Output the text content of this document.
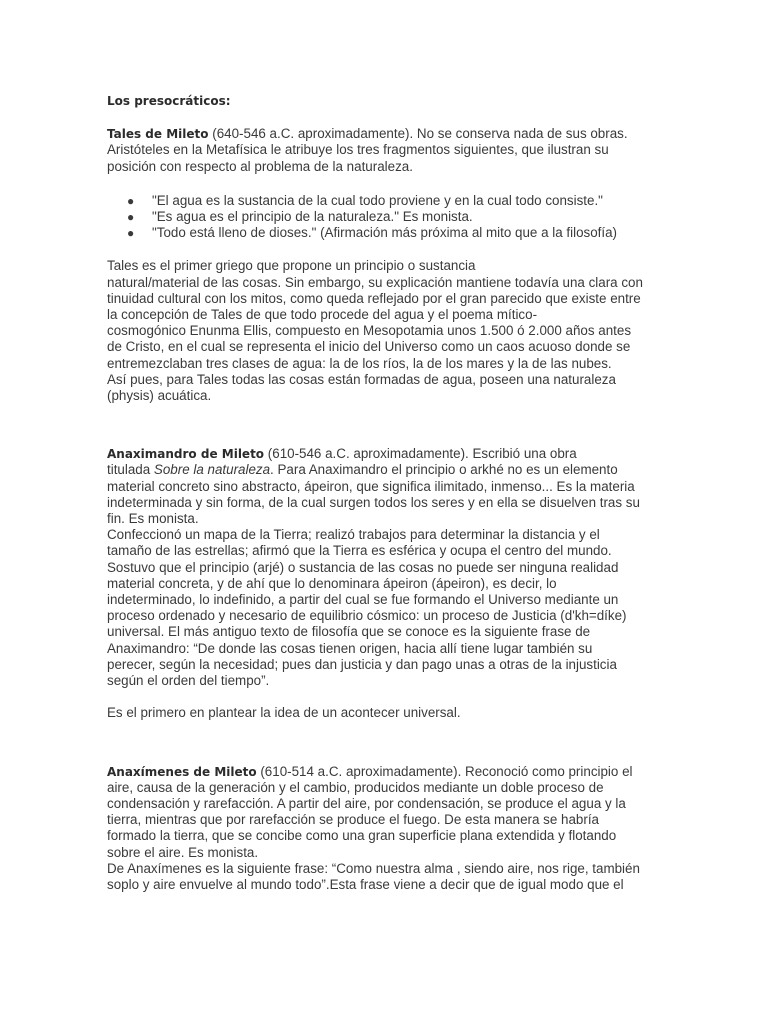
Los presocráticos:

Tales de Mileto (640-546 a.C. aproximadamente). No se conserva nada de sus obras.
Aristóteles en la Metafísica le atribuye los tres fragmentos siguientes, que ilustran su
posición con respecto al problema de la naturaleza.

● "El agua es la sustancia de la cual todo proviene y en la cual todo consiste."
● "Es agua es el principio de la naturaleza." Es monista.
● "Todo está lleno de dioses." (Afirmación más próxima al mito que a la filosofía)

Tales es el primer griego que propone un principio o sustancia
natural/material de las cosas. Sin embargo, su explicación mantiene todavía una clara con
tinuidad cultural con los mitos, como queda reflejado por el gran parecido que existe entre
la concepción de Tales de que todo procede del agua y el poema mítico-
cosmogónico Enunma Ellis, compuesto en Mesopotamia unos 1.500 ó 2.000 años antes
de Cristo, en el cual se representa el inicio del Universo como un caos acuoso donde se
entremezclaban tres clases de agua: la de los ríos, la de los mares y la de las nubes.
Así pues, para Tales todas las cosas están formadas de agua, poseen una naturaleza
(physis) acuática.

Anaximandro de Mileto (610-546 a.C. aproximadamente). Escribió una obra
titulada Sobre la naturaleza. Para Anaximandro el principio o arkhé no es un elemento
material concreto sino abstracto, ápeiron, que significa ilimitado, inmenso... Es la materia
indeterminada y sin forma, de la cual surgen todos los seres y en ella se disuelven tras su
fin. Es monista.
Confeccionó un mapa de la Tierra; realizó trabajos para determinar la distancia y el
tamaño de las estrellas; afirmó que la Tierra es esférica y ocupa el centro del mundo.
Sostuvo que el principio (arjé) o sustancia de las cosas no puede ser ninguna realidad
material concreta, y de ahí que lo denominara ápeiron (ápeiron), es decir, lo
indeterminado, lo indefinido, a partir del cual se fue formando el Universo mediante un
proceso ordenado y necesario de equilibrio cósmico: un proceso de Justicia (d'kh=díke)
universal. El más antiguo texto de filosofía que se conoce es la siguiente frase de
Anaximandro: “De donde las cosas tienen origen, hacia allí tiene lugar también su
perecer, según la necesidad; pues dan justicia y dan pago unas a otras de la injusticia
según el orden del tiempo”.

Es el primero en plantear la idea de un acontecer universal.

Anaxímenes de Mileto (610-514 a.C. aproximadamente). Reconoció como principio el
aire, causa de la generación y el cambio, producidos mediante un doble proceso de
condensación y rarefacción. A partir del aire, por condensación, se produce el agua y la
tierra, mientras que por rarefacción se produce el fuego. De esta manera se habría
formado la tierra, que se concibe como una gran superficie plana extendida y flotando
sobre el aire. Es monista.
De Anaxímenes es la siguiente frase: “Como nuestra alma , siendo aire, nos rige, también
soplo y aire envuelve al mundo todo”.Esta frase viene a decir que de igual modo que el
